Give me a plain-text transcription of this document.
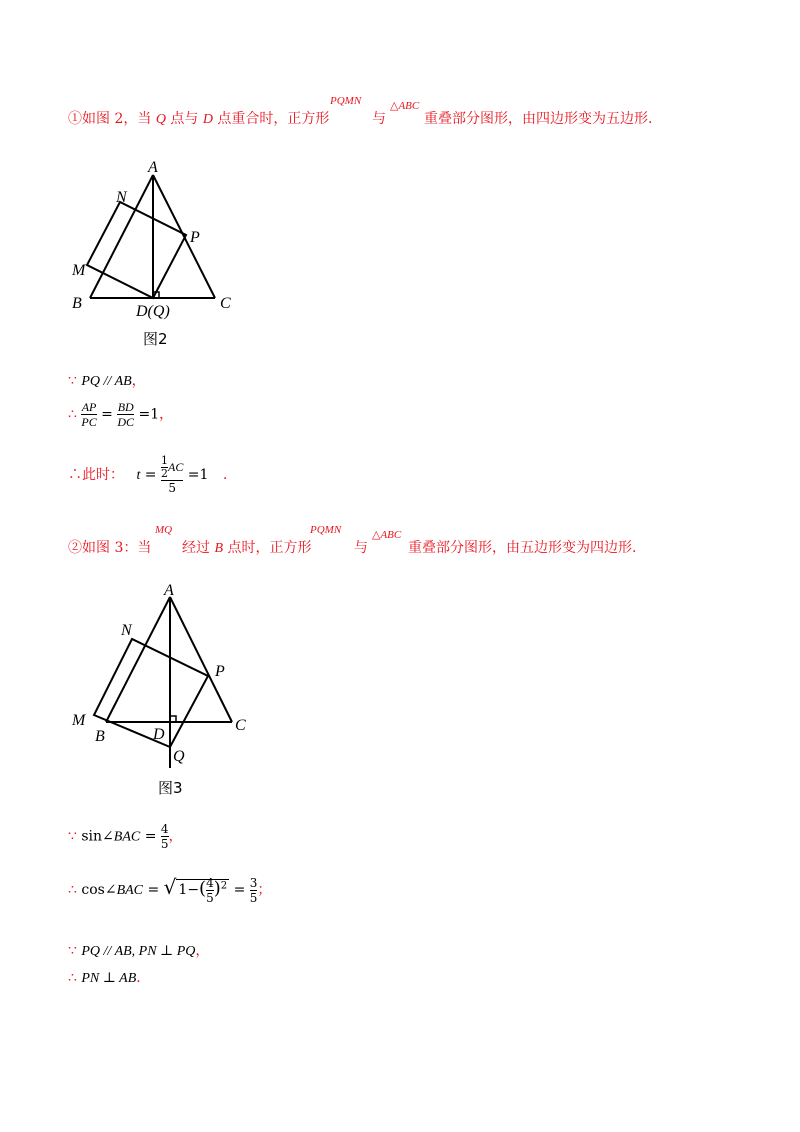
①如图 2，当 Q 点与 D 点重合时，正方形
PQMN
与
△ABC
重叠部分图形，由四边形变为五边形.
A
N
P
M
B	D(Q)	C
图2
∵ PQ // AB，
∴ $\frac{AP}{PC} = \frac{BD}{DC} =1$，
∴此时： $t = \frac{\frac{1}{2} AC}{5} =1$ .
②如图 3：当
MQ
经过 B 点时，正方形
PQMN
与
△ABC
重叠部分图形，由五边形变为四边形.
A
N
P
M
B	D
Q
C
图3
∵ sin∠BAC = $\frac{4}{5}$ ，
∴ cos∠BAC = √ $1-( \frac{4}{5} )^2 = \frac{3}{5}$ ；
∵ PQ // AB, PN ⊥ PQ，
∴ PN ⊥ AB.
